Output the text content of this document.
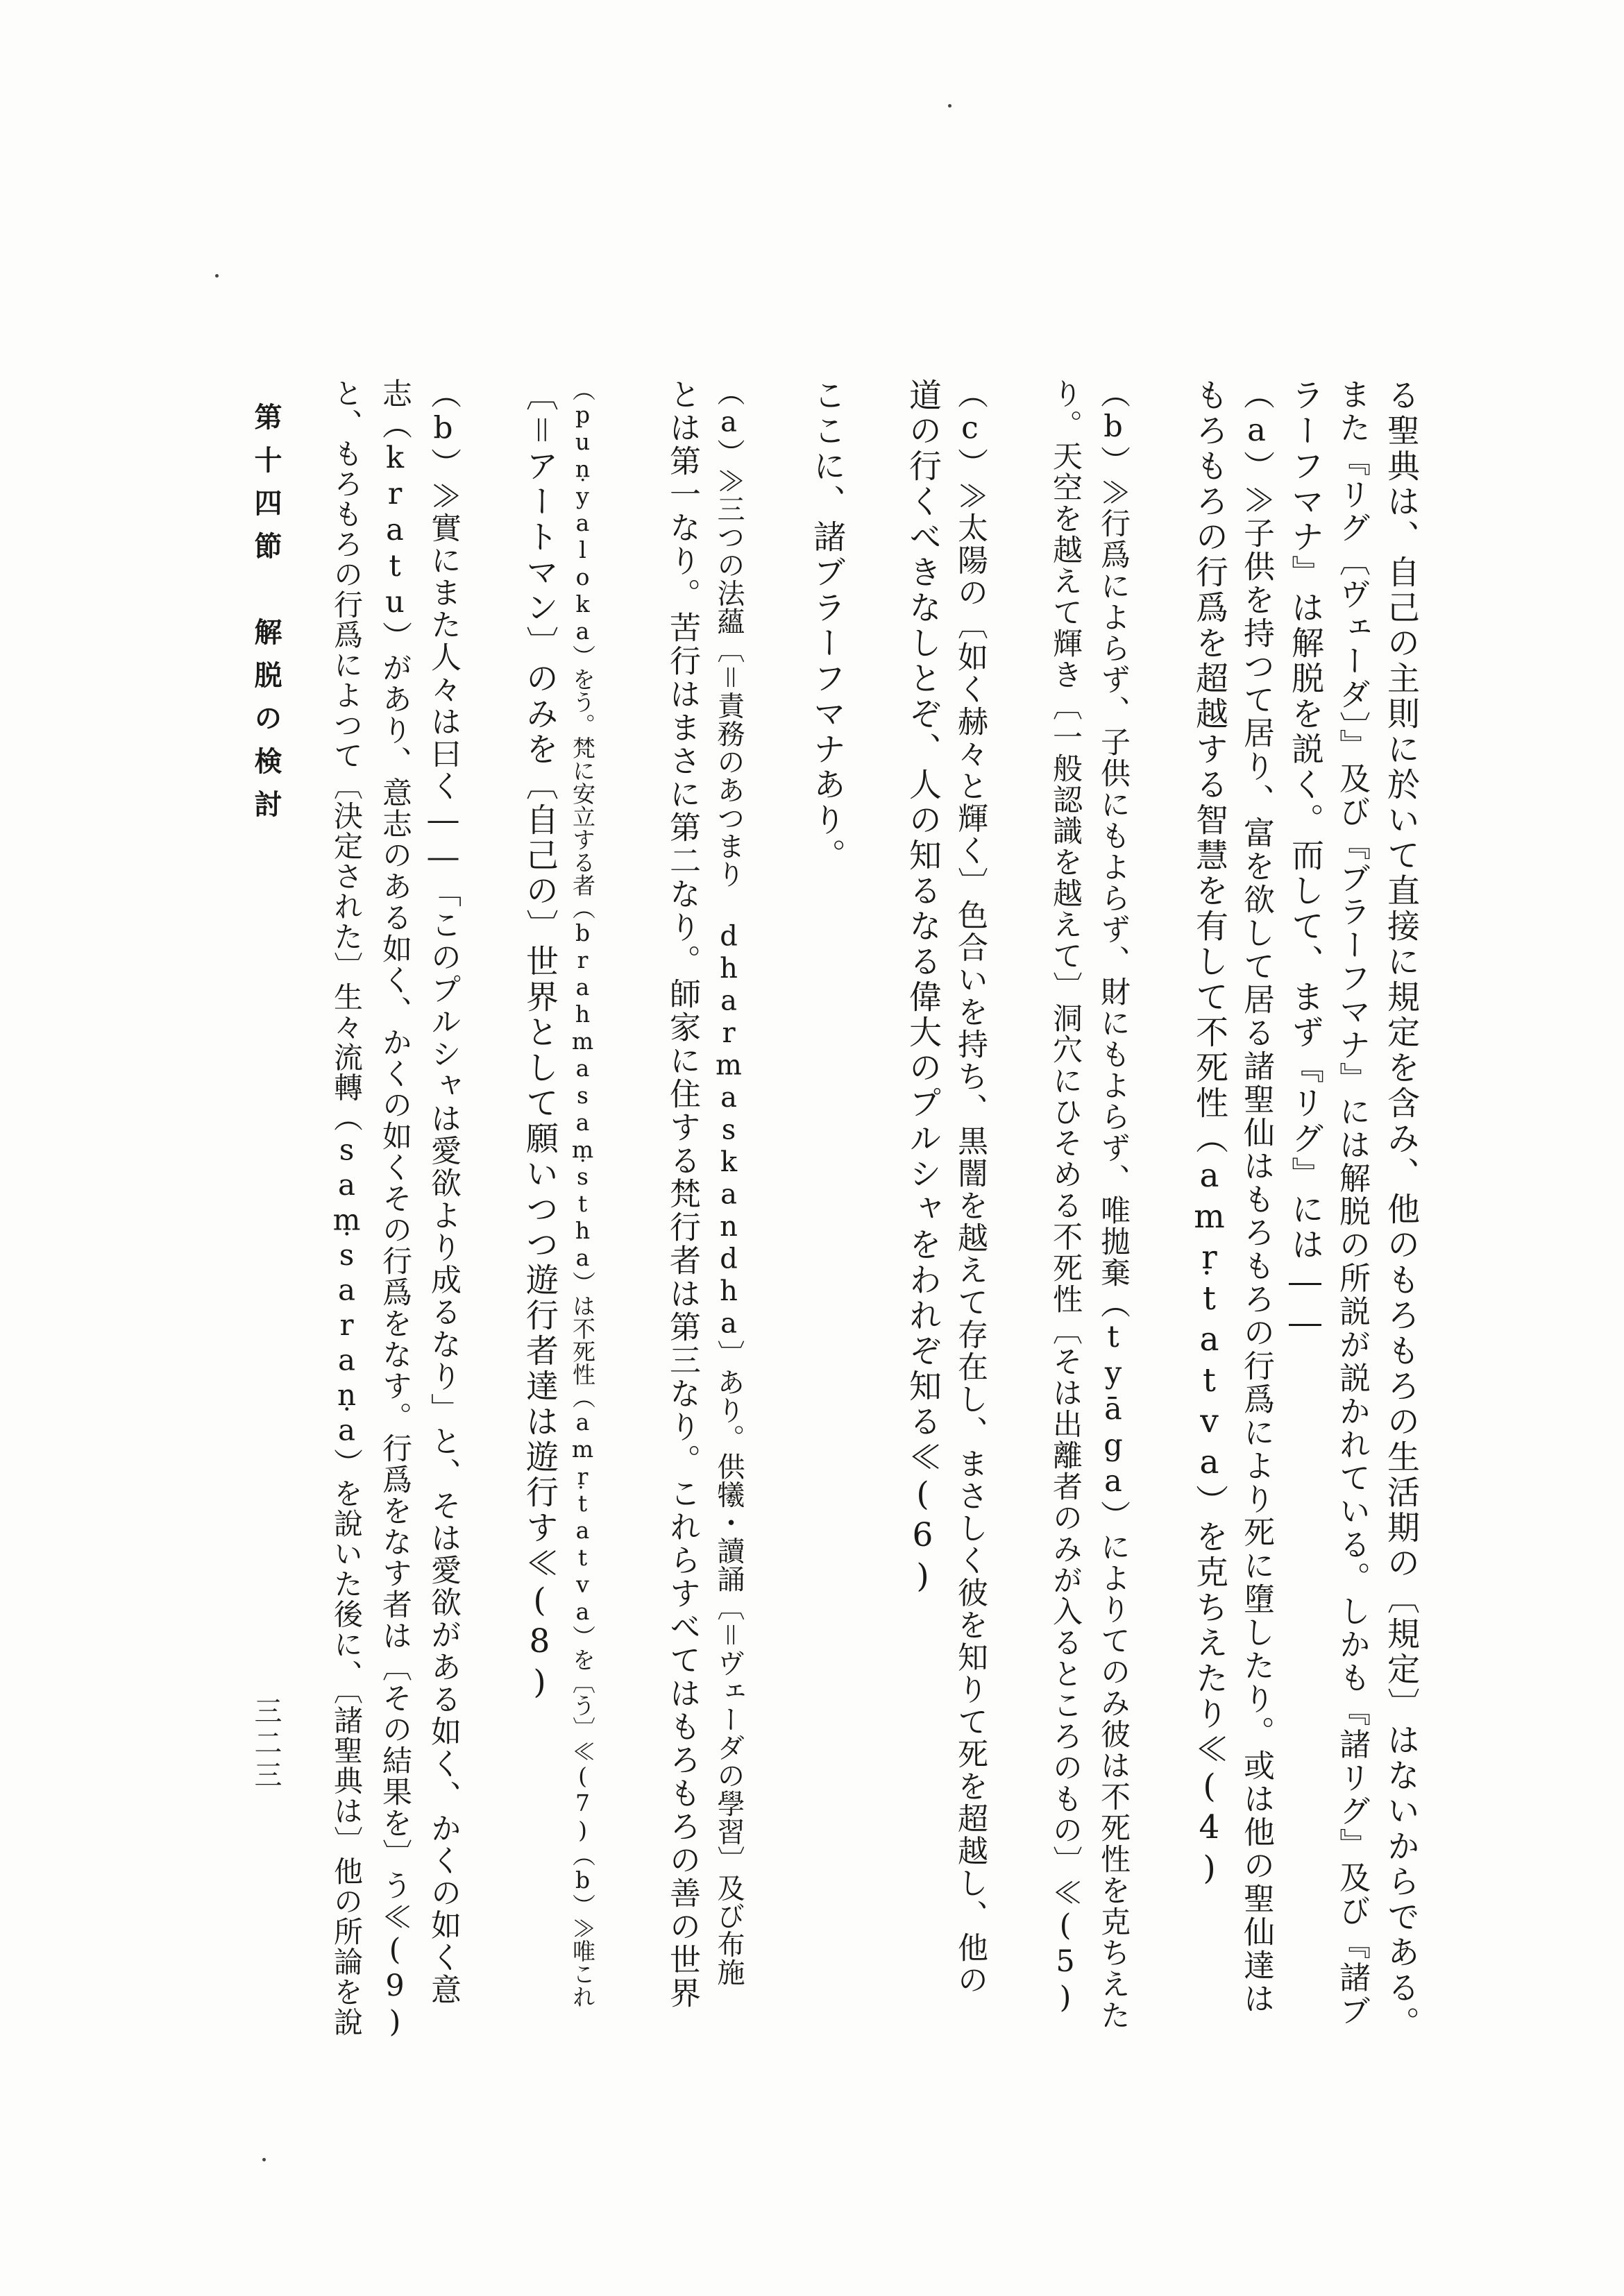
る聖典は、自己の主則に於いて直接に規定を含み、他のもろもろの生活期の〔規定〕はないからである。
また『リグ〔ヴェーダ〕』及び『ブラーフマナ』には解脱の所説が説かれている。しかも『諸リグ』及び『諸ブ
ラーフマナ』は解脱を説く。而して、まず『リグ』には――
（a）≫子供を持つて居り、富を欲して居る諸聖仙はもろもろの行爲により死に墮したり。或は他の聖仙達は
もろもろの行爲を超越する智慧を有して不死性（amṛtatva）を克ちえたり≪(4)
（b）≫行爲によらず、子供にもよらず、財にもよらず、唯拋棄（tyāga）によりてのみ彼は不死性を克ちえた
り。天空を越えて輝き〔一般認識を越えて〕洞穴にひそめる不死性〔そは出離者のみが入るところのもの〕≪(5)
（c）≫太陽の〔如く赫々と輝く〕色合いを持ち、黒闇を越えて存在し、まさしく彼を知りて死を超越し、他の
道の行くべきなしとぞ、人の知るなる偉大のプルシャをわれぞ知る≪(6)
ここに、諸ブラーフマナあり。
（a）≫三つの法蘊〔＝責務のあつまり dharmaskandha〕あり。供犧・讀誦〔＝ヴェーダの學習〕及び布施
とは第一なり。苦行はまさに第二なり。師家に住する梵行者は第三なり。これらすべてはもろもろの善の世界
（puṇyaloka）をう。梵に安立する者（brahmasaṃstha）は不死性（amṛtatva）を〔う〕≪(7)（b）≫唯これ
〔＝アートマン〕のみを〔自己の〕世界として願いつつ遊行者達は遊行す≪(8)
（b）≫實にまた人々は曰く――「このプルシャは愛欲より成るなり」と、そは愛欲がある如く、かくの如く意
志（kratu）があり、意志のある如く、かくの如くその行爲をなす。行爲をなす者は〔その結果を〕う≪(9)
と、もろもろの行爲によつて〔決定された〕生々流轉（saṃsaraṇa）を說いた後に、〔諸聖典は〕他の所論を說
第十四節　解脱の検討
三二三
